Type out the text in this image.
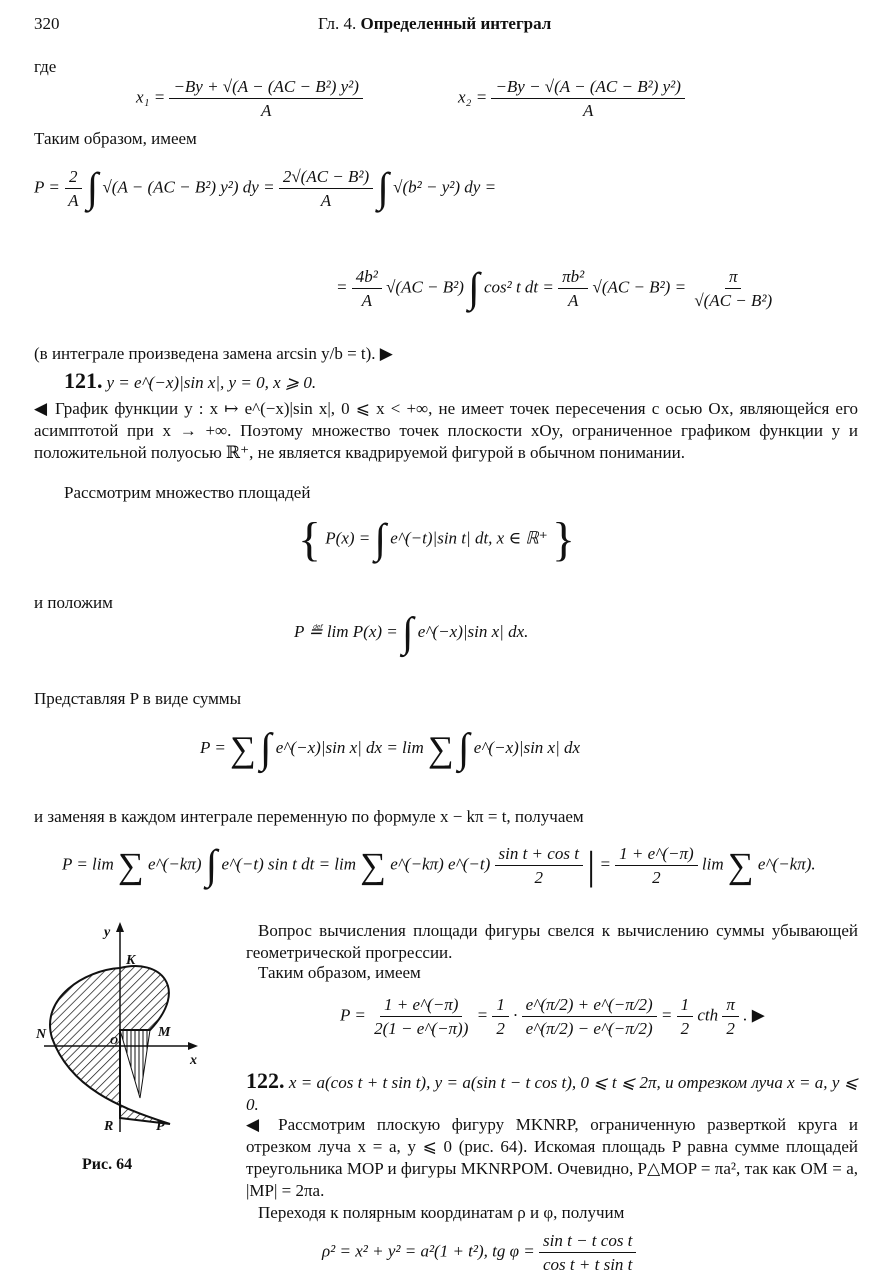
320	Гл. 4. Определенный интеграл
где
$x_1 = \frac{\text{−By + √(A − (AC − B²) y²)}}{A}$	$x_2 = \frac{\text{−By − √(A − (AC − B²) y²)}}{A}$
Таким образом, имеем
$P = \frac{2}{A}$ ∫ √(A − (AC − B²) y²) dy = $\frac{\text{2√(AC − B²)}}{A}$ ∫ √(b² − y²) dy =
= $\frac{\text{4b²}}{A} √(AC - B^2)$ ∫ cos² t dt = $\frac{\text{πb²}}{A} √(AC - B^2) = \frac{\pi}{\text{√(AC − B²)}}$
(в интеграле произведена замена arcsin y/b = t). ▶
121. y = e^(−x)|sin x|, y = 0, x ⩾ 0.
◀ График функции y : x ↦ e^(−x)|sin x|, 0 ⩽ x < +∞, не имеет точек пересечения с осью Ox, являющейся его асимптотой при x → +∞. Поэтому множество точек плоскости xOy, ограниченное графиком функции y и положительной полуосью ℝ⁺, не является квадрируемой фигурой в обычном понимании.
Рассмотрим множество площадей
{ P(x) = ∫ e^(−t)|sin t| dt, x ∈ ℝ⁺ }
и положим
P ≝ lim P(x) = ∫ e^(−x)|sin x| dx.
Представляя P в виде суммы
P = ∑ ∫ e^(−x)|sin x| dx = lim ∑ ∫ e^(−x)|sin x| dx
и заменяя в каждом интеграле переменную по формуле x − kπ = t, получаем
P = lim ∑ e^(−kπ) ∫ e^(−t) sin t dt = lim ∑ e^(−kπ) e^(−t) $\frac{\text{sin t + cos t}}{2}$ | = $\frac{1 + e\^{}(-\pi)}{2}$ lim ∑ e^(−kπ).
y
x
K
N	M
O
R	P
Рис. 64
Вопрос вычисления площади фигуры свелся к вычислению суммы убывающей геометрической прогрессии.
Таким образом, имеем
$P = \frac{1 + e\^{}(-\pi)}{2(1 - e\^{}(-\pi))} = \frac{1}{2} \cdot \frac{e\^{}(\pi/2) + e\^{}(-\pi/2)}{e\^{}(\pi/2) - e\^{}(-\pi/2)} = \frac{1}{2}$ cth $\frac{\pi}{2}$ . ▶
122. x = a(cos t + t sin t), y = a(sin t − t cos t), 0 ⩽ t ⩽ 2π, и отрезком луча x = a, y ⩽ 0.
◀ Рассмотрим плоскую фигуру MKNRP, ограниченную разверткой круга и отрезком луча x = a, y ⩽ 0 (рис. 64). Искомая площадь P равна сумме площадей треугольника MOP и фигуры MKNRPOM. Очевидно, P△MOP = πa², так как OM = a, |MP| = 2πa.
Переходя к полярным координатам ρ и φ, получим
ρ² = x² + y² = a²(1 + t²), tg $\varphi = \frac{\text{sin t − t cos t}}{\text{cos t + t sin t}}$
